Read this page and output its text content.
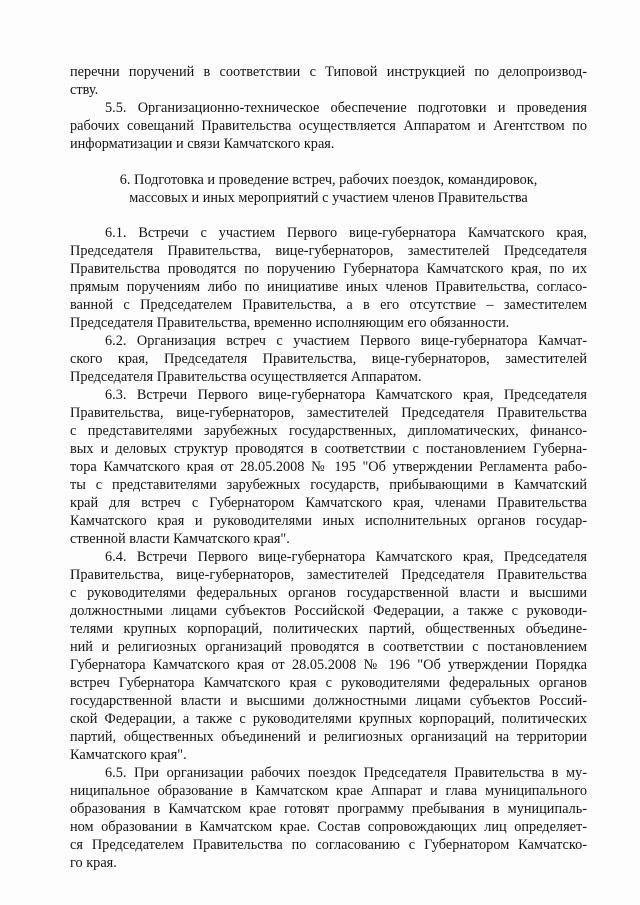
перечни поручений в соответствии с Типовой инструкцией по делопроизвод-
ству.
5.5. Организационно-техническое обеспечение подготовки и проведения
рабочих совещаний Правительства осуществляется Аппаратом и Агентством по
информатизации и связи Камчатского края.
6. Подготовка и проведение встреч, рабочих поездок, командировок,
массовых и иных мероприятий с участием членов Правительства
6.1. Встречи с участием Первого вице-губернатора Камчатского края,
Председателя Правительства, вице-губернаторов, заместителей Председателя
Правительства проводятся по поручению Губернатора Камчатского края, по их
прямым поручениям либо по инициативе иных членов Правительства, согласо-
ванной с Председателем Правительства, а в его отсутствие – заместителем
Председателя Правительства, временно исполняющим его обязанности.
6.2. Организация встреч с участием Первого вице-губернатора Камчат-
ского края, Председателя Правительства, вице-губернаторов, заместителей
Председателя Правительства осуществляется Аппаратом.
6.3. Встречи Первого вице-губернатора Камчатского края, Председателя
Правительства, вице-губернаторов, заместителей Председателя Правительства
с представителями зарубежных государственных, дипломатических, финансо-
вых и деловых структур проводятся в соответствии с постановлением Губерна-
тора Камчатского края от 28.05.2008 № 195 "Об утверждении Регламента рабо-
ты с представителями зарубежных государств, прибывающими в Камчатский
край для встреч с Губернатором Камчатского края, членами Правительства
Камчатского края и руководителями иных исполнительных органов государ-
ственной власти Камчатского края".
6.4. Встречи Первого вице-губернатора Камчатского края, Председателя
Правительства, вице-губернаторов, заместителей Председателя Правительства
с руководителями федеральных органов государственной власти и высшими
должностными лицами субъектов Российской Федерации, а также с руководи-
телями крупных корпораций, политических партий, общественных объедине-
ний и религиозных организаций проводятся в соответствии с постановлением
Губернатора Камчатского края от 28.05.2008 № 196 "Об утверждении Порядка
встреч Губернатора Камчатского края с руководителями федеральных органов
государственной власти и высшими должностными лицами субъектов Россий-
ской Федерации, а также с руководителями крупных корпораций, политических
партий, общественных объединений и религиозных организаций на территории
Камчатского края".
6.5. При организации рабочих поездок Председателя Правительства в му-
ниципальное образование в Камчатском крае Аппарат и глава муниципального
образования в Камчатском крае готовят программу пребывания в муниципаль-
ном образовании в Камчатском крае. Состав сопровождающих лиц определяет-
ся Председателем Правительства по согласованию с Губернатором Камчатско-
го края.
